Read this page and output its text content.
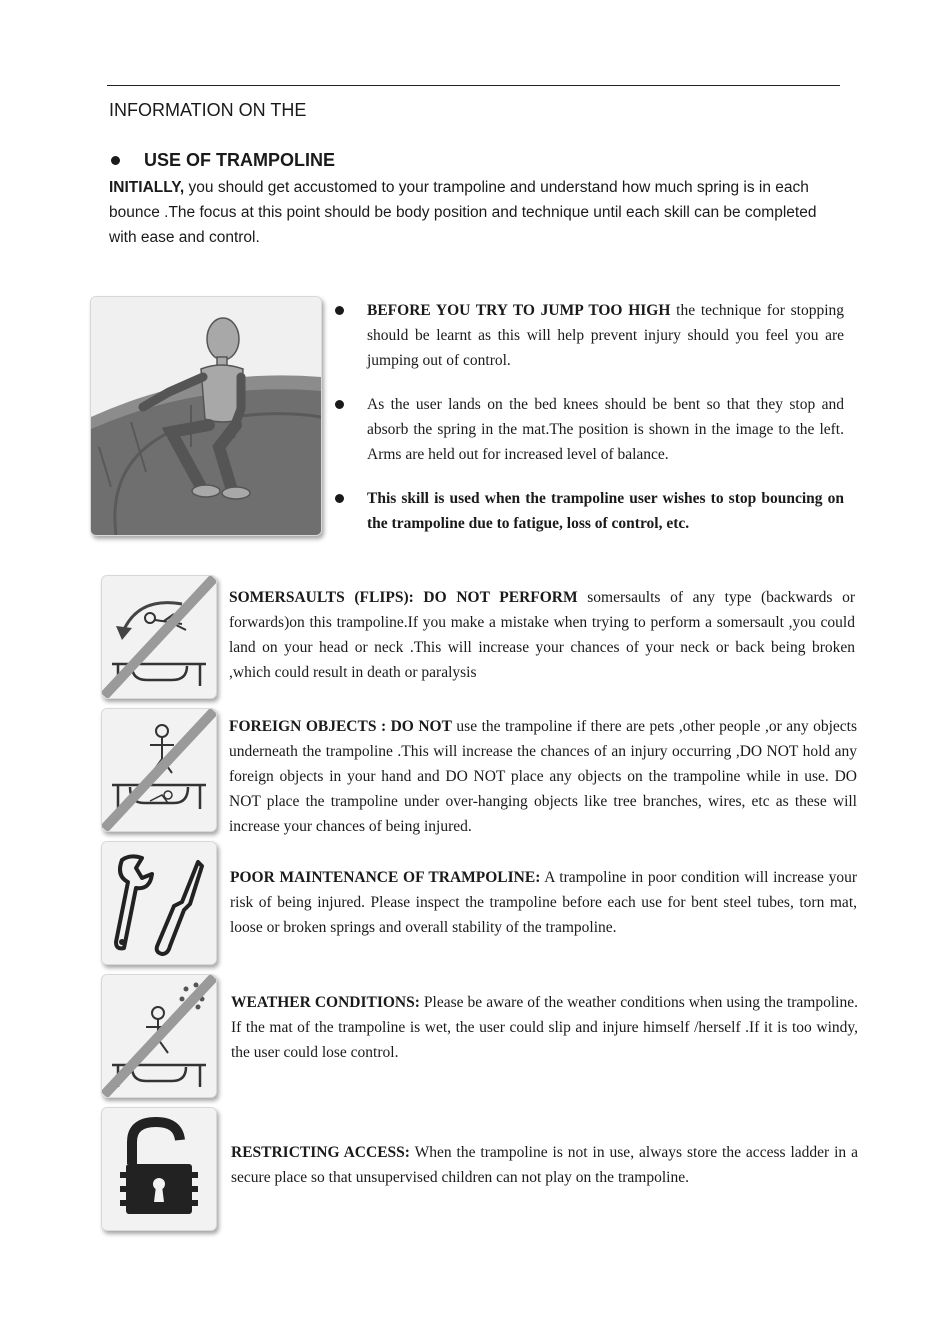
INFORMATION ON THE
USE OF TRAMPOLINE
INITIALLY, you should get accustomed to your trampoline and understand how much spring is in each bounce .The focus at this point should be body position and technique until each skill can be completed with ease and control.
BEFORE YOU TRY TO JUMP TOO HIGH the technique for stopping should be learnt as this will help prevent injury should you feel you are jumping out of control.
As the user lands on the bed knees should be bent so that they stop and absorb the spring in the mat.The position is shown in the image to the left. Arms are held out for increased level of balance.
This skill is used when the trampoline user wishes to stop bouncing on the trampoline due to fatigue, loss of control, etc.
SOMERSAULTS (FLIPS): DO NOT PERFORM somersaults of any type (backwards or forwards)on this trampoline.If you make a mistake when trying to perform a somersault ,you could land on your head or neck .This will increase your chances of your neck or back being broken ,which could result in death or paralysis
FOREIGN OBJECTS : DO NOT use the trampoline if there are pets ,other people ,or any objects underneath the trampoline .This will increase the chances of an injury occurring ,DO NOT hold any foreign objects in your hand and DO NOT place any objects on the trampoline while in use. DO NOT place the trampoline under over-hanging objects like tree branches, wires, etc as these will increase your chances of being injured.
POOR MAINTENANCE OF TRAMPOLINE: A trampoline in poor condition will increase your risk of being injured. Please inspect the trampoline before each use for bent steel tubes, torn mat, loose or broken springs and overall stability of the trampoline.
WEATHER CONDITIONS: Please be aware of the weather conditions when using the trampoline. If the mat of the trampoline is wet, the user could slip and injure himself /herself .If it is too windy, the user could lose control.
RESTRICTING ACCESS: When the trampoline is not in use, always store the access ladder in a secure place so that unsupervised children can not play on the trampoline.
